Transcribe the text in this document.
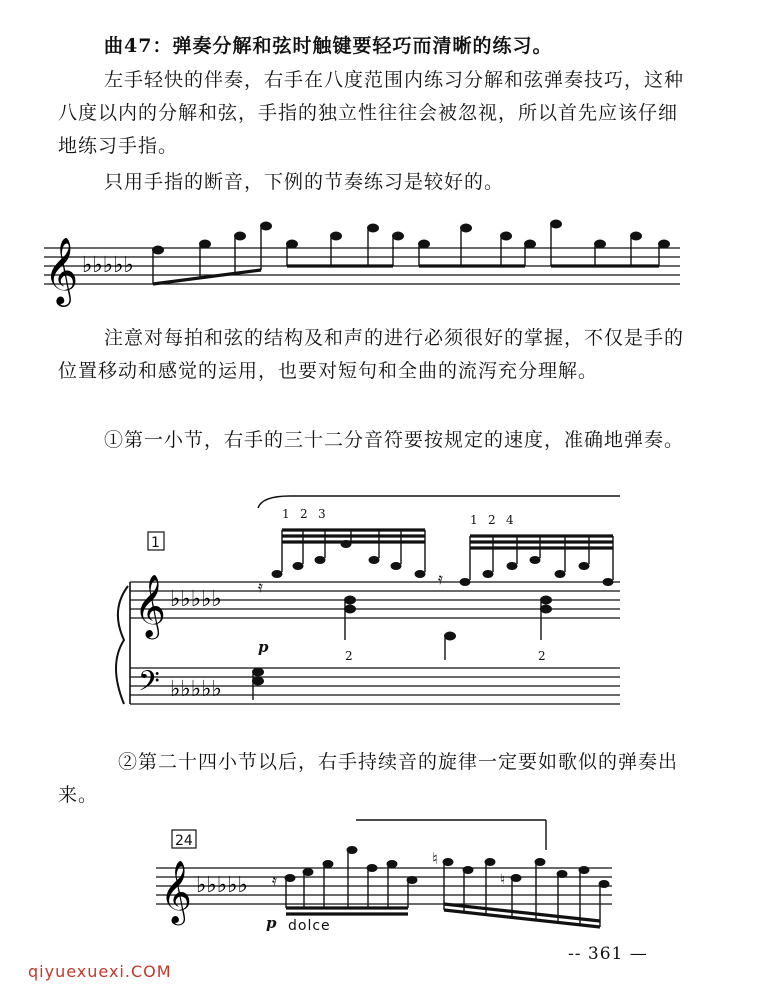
曲47：弹奏分解和弦时触键要轻巧而清晰的练习。

左手轻快的伴奏，右手在八度范围内练习分解和弦弹奏技巧，这种八度以内的分解和弦，手指的独立性往往会被忽视，所以首先应该仔细地练习手指。

只用手指的断音，下例的节奏练习是较好的。

𝄞 ♭♭♭♭♭

注意对每拍和弦的结构及和声的进行必须很好的掌握，不仅是手的位置移动和感觉的运用，也要对短句和全曲的流泻充分理解。

①第一小节，右手的三十二分音符要按规定的速度，准确地弹奏。

1
1 2 3	1 2 4
𝄞 ♭♭♭♭♭
𝄢 ♭♭♭♭♭
𝄿	𝄿
2	2
p

②第二十四小节以后，右手持续音的旋律一定要如歌似的弹奏出来。

24
𝄞 ♭♭♭♭♭ 𝄿
♮
♮
p dolce
-- 361 —
qiyuexuexi.COM
